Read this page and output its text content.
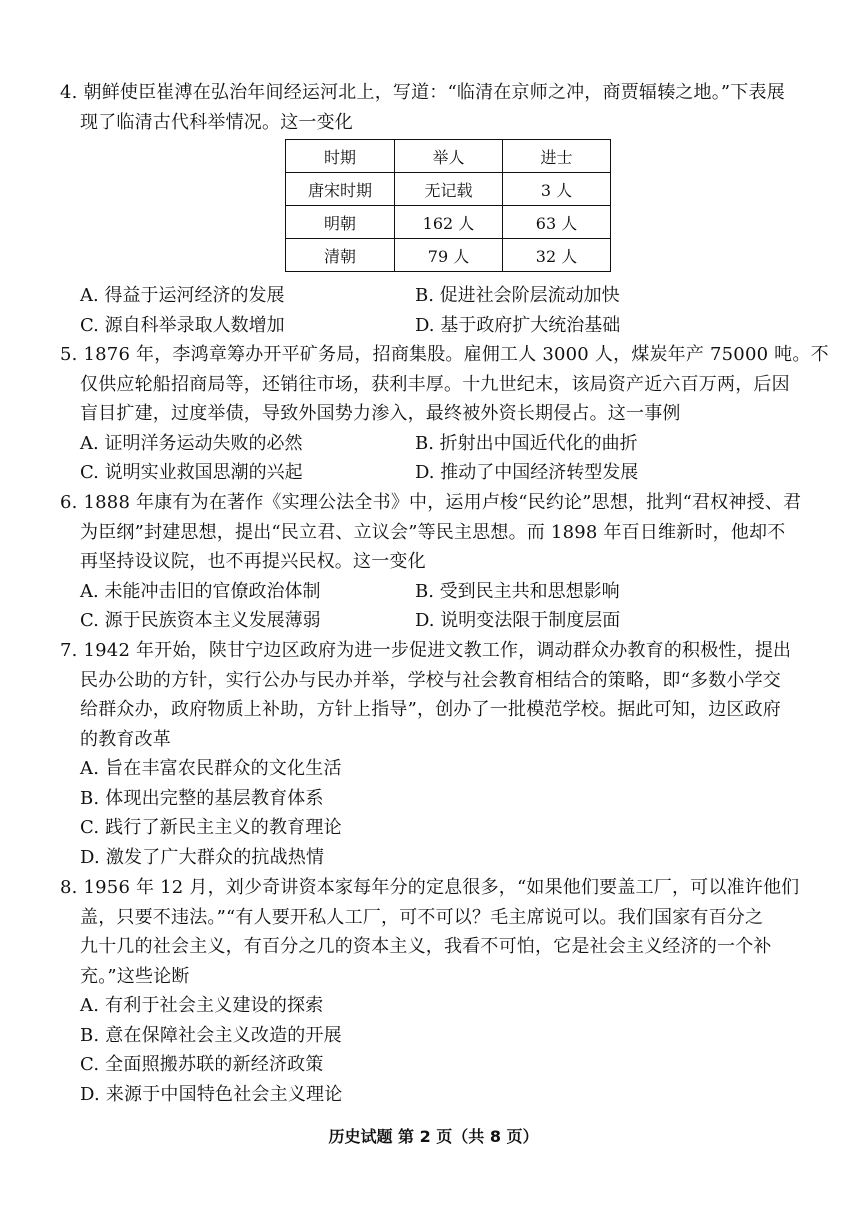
4. 朝鲜使臣崔溥在弘治年间经运河北上，写道：“临清在京师之冲，商贾辐辏之地。”下表展
现了临清古代科举情况。这一变化
时期	举人	进士
唐宋时期	无记载	3 人
明朝	162 人	63 人
清朝	79 人	32 人
A. 得益于运河经济的发展	B. 促进社会阶层流动加快
C. 源自科举录取人数增加	D. 基于政府扩大统治基础
5. 1876 年，李鸿章筹办开平矿务局，招商集股。雇佣工人 3000 人，煤炭年产 75000 吨。不
仅供应轮船招商局等，还销往市场，获利丰厚。十九世纪末，该局资产近六百万两，后因
盲目扩建，过度举债，导致外国势力渗入，最终被外资长期侵占。这一事例
A. 证明洋务运动失败的必然	B. 折射出中国近代化的曲折
C. 说明实业救国思潮的兴起	D. 推动了中国经济转型发展
6. 1888 年康有为在著作《实理公法全书》中，运用卢梭“民约论”思想，批判“君权神授、君
为臣纲”封建思想，提出“民立君、立议会”等民主思想。而 1898 年百日维新时，他却不
再坚持设议院，也不再提兴民权。这一变化
A. 未能冲击旧的官僚政治体制	B. 受到民主共和思想影响
C. 源于民族资本主义发展薄弱	D. 说明变法限于制度层面
7. 1942 年开始，陕甘宁边区政府为进一步促进文教工作，调动群众办教育的积极性，提出
民办公助的方针，实行公办与民办并举，学校与社会教育相结合的策略，即“多数小学交
给群众办，政府物质上补助，方针上指导”，创办了一批模范学校。据此可知，边区政府
的教育改革
A. 旨在丰富农民群众的文化生活
B. 体现出完整的基层教育体系
C. 践行了新民主主义的教育理论
D. 激发了广大群众的抗战热情
8. 1956 年 12 月，刘少奇讲资本家每年分的定息很多，“如果他们要盖工厂，可以准许他们
盖，只要不违法。”“有人要开私人工厂，可不可以？毛主席说可以。我们国家有百分之
九十几的社会主义，有百分之几的资本主义，我看不可怕，它是社会主义经济的一个补
充。”这些论断
A. 有利于社会主义建设的探索
B. 意在保障社会主义改造的开展
C. 全面照搬苏联的新经济政策
D. 来源于中国特色社会主义理论
历史试题 第 2 页（共 8 页）
